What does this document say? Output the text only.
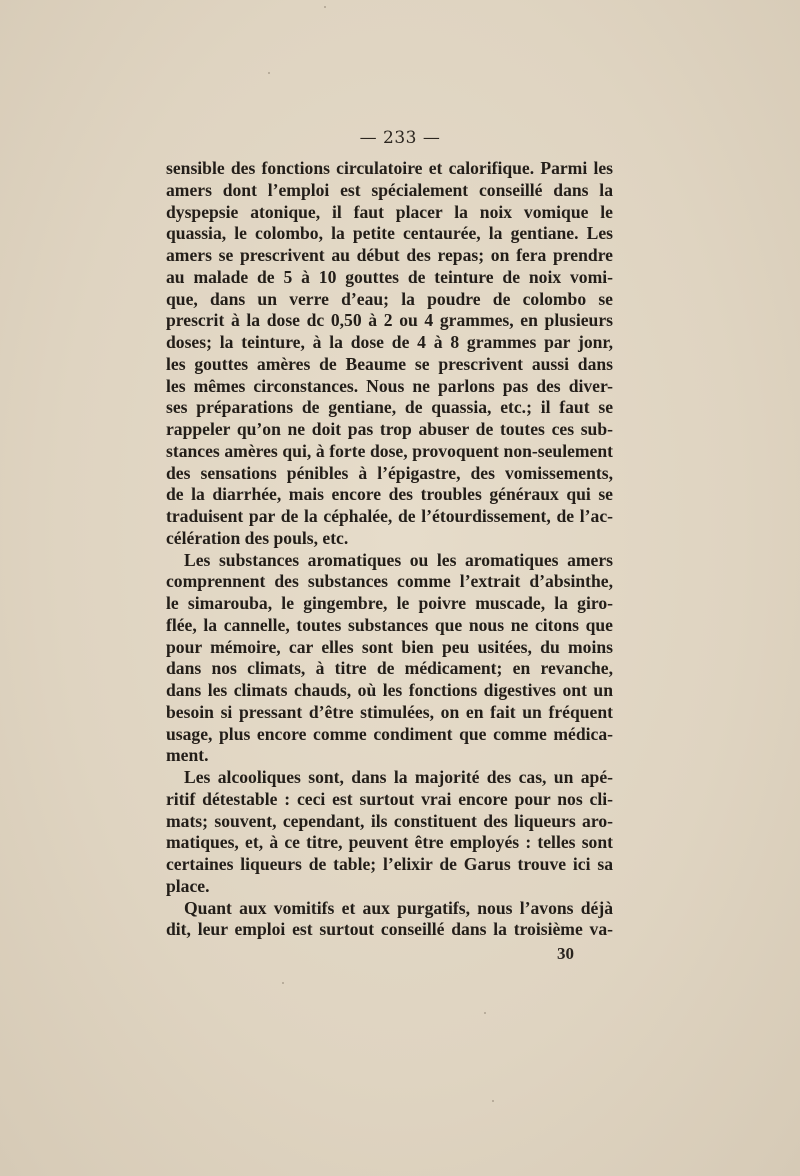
— 233 —
sensible des fonctions circulatoire et calorifique. Parmi les
amers dont l’emploi est spécialement conseillé dans la
dyspepsie atonique, il faut placer la noix vomique le
quassia, le colombo, la petite centaurée, la gentiane. Les
amers se prescrivent au début des repas; on fera prendre
au malade de 5 à 10 gouttes de teinture de noix vomi-
que, dans un verre d’eau; la poudre de colombo se
prescrit à la dose dc 0,50 à 2 ou 4 grammes, en plusieurs
doses; la teinture, à la dose de 4 à 8 grammes par jonr,
les gouttes amères de Beaume se prescrivent aussi dans
les mêmes circonstances. Nous ne parlons pas des diver-
ses préparations de gentiane, de quassia, etc.; il faut se
rappeler qu’on ne doit pas trop abuser de toutes ces sub-
stances amères qui, à forte dose, provoquent non-seulement
des sensations pénibles à l’épigastre, des vomissements,
de la diarrhée, mais encore des troubles généraux qui se
traduisent par de la céphalée, de l’étourdissement, de l’ac-
célération des pouls, etc.
Les substances aromatiques ou les aromatiques amers
comprennent des substances comme l’extrait d’absinthe,
le simarouba, le gingembre, le poivre muscade, la giro-
flée, la cannelle, toutes substances que nous ne citons que
pour mémoire, car elles sont bien peu usitées, du moins
dans nos climats, à titre de médicament; en revanche,
dans les climats chauds, où les fonctions digestives ont un
besoin si pressant d’être stimulées, on en fait un fréquent
usage, plus encore comme condiment que comme médica-
ment.
Les alcooliques sont, dans la majorité des cas, un apé-
ritif détestable : ceci est surtout vrai encore pour nos cli-
mats; souvent, cependant, ils constituent des liqueurs aro-
matiques, et, à ce titre, peuvent être employés : telles sont
certaines liqueurs de table; l’elixir de Garus trouve ici sa
place.
Quant aux vomitifs et aux purgatifs, nous l’avons déjà
dit, leur emploi est surtout conseillé dans la troisième va-
30
